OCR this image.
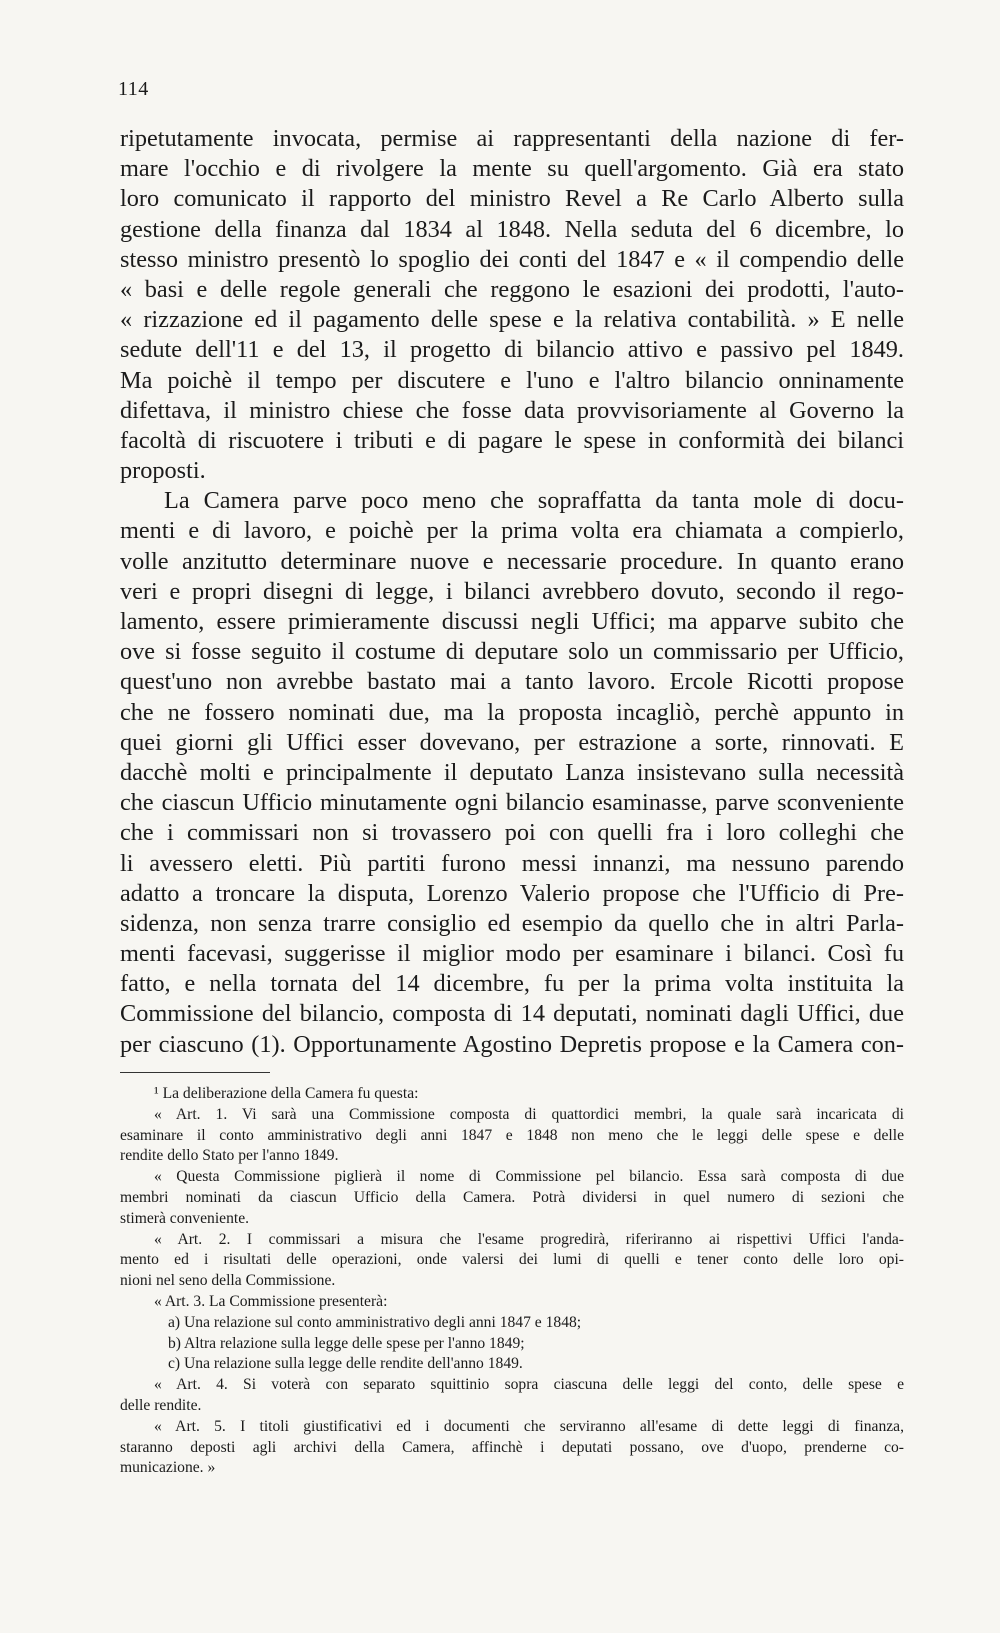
114
ripetutamente invocata, permise ai rappresentanti della nazione di fer-
mare l'occhio e di rivolgere la mente su quell'argomento. Già era stato
loro comunicato il rapporto del ministro Revel a Re Carlo Alberto sulla
gestione della finanza dal 1834 al 1848. Nella seduta del 6 dicembre, lo
stesso ministro presentò lo spoglio dei conti del 1847 e « il compendio delle
« basi e delle regole generali che reggono le esazioni dei prodotti, l'auto-
« rizzazione ed il pagamento delle spese e la relativa contabilità. » E nelle
sedute dell'11 e del 13, il progetto di bilancio attivo e passivo pel 1849.
Ma poichè il tempo per discutere e l'uno e l'altro bilancio onninamente
difettava, il ministro chiese che fosse data provvisoriamente al Governo la
facoltà di riscuotere i tributi e di pagare le spese in conformità dei bilanci
proposti.
La Camera parve poco meno che sopraffatta da tanta mole di docu-
menti e di lavoro, e poichè per la prima volta era chiamata a compierlo,
volle anzitutto determinare nuove e necessarie procedure. In quanto erano
veri e propri disegni di legge, i bilanci avrebbero dovuto, secondo il rego-
lamento, essere primieramente discussi negli Uffici; ma apparve subito che
ove si fosse seguito il costume di deputare solo un commissario per Ufficio,
quest'uno non avrebbe bastato mai a tanto lavoro. Ercole Ricotti propose
che ne fossero nominati due, ma la proposta incagliò, perchè appunto in
quei giorni gli Uffici esser dovevano, per estrazione a sorte, rinnovati. E
dacchè molti e principalmente il deputato Lanza insistevano sulla necessità
che ciascun Ufficio minutamente ogni bilancio esaminasse, parve sconveniente
che i commissari non si trovassero poi con quelli fra i loro colleghi che
li avessero eletti. Più partiti furono messi innanzi, ma nessuno parendo
adatto a troncare la disputa, Lorenzo Valerio propose che l'Ufficio di Pre-
sidenza, non senza trarre consiglio ed esempio da quello che in altri Parla-
menti facevasi, suggerisse il miglior modo per esaminare i bilanci. Così fu
fatto, e nella tornata del 14 dicembre, fu per la prima volta instituita la
Commissione del bilancio, composta di 14 deputati, nominati dagli Uffici, due
per ciascuno (1). Opportunamente Agostino Depretis propose e la Camera con-
¹ La deliberazione della Camera fu questa:
« Art. 1. Vi sarà una Commissione composta di quattordici membri, la quale sarà incaricata di
esaminare il conto amministrativo degli anni 1847 e 1848 non meno che le leggi delle spese e delle
rendite dello Stato per l'anno 1849.
« Questa Commissione piglierà il nome di Commissione pel bilancio. Essa sarà composta di due
membri nominati da ciascun Ufficio della Camera. Potrà dividersi in quel numero di sezioni che
stimerà conveniente.
« Art. 2. I commissari a misura che l'esame progredirà, riferiranno ai rispettivi Uffici l'anda-
mento ed i risultati delle operazioni, onde valersi dei lumi di quelli e tener conto delle loro opi-
nioni nel seno della Commissione.
« Art. 3. La Commissione presenterà:
a) Una relazione sul conto amministrativo degli anni 1847 e 1848;
b) Altra relazione sulla legge delle spese per l'anno 1849;
c) Una relazione sulla legge delle rendite dell'anno 1849.
« Art. 4. Si voterà con separato squittinio sopra ciascuna delle leggi del conto, delle spese e
delle rendite.
« Art. 5. I titoli giustificativi ed i documenti che serviranno all'esame di dette leggi di finanza,
staranno deposti agli archivi della Camera, affinchè i deputati possano, ove d'uopo, prenderne co-
municazione. »
